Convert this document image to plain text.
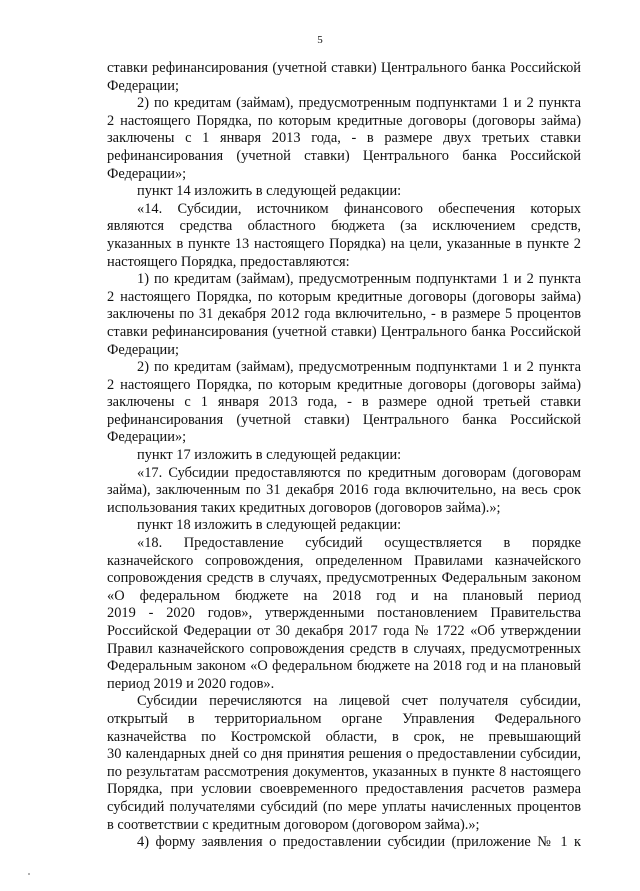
5
ставки рефинансирования (учетной ставки) Центрального банка Российской
Федерации;
2) по кредитам (займам), предусмотренным подпунктами 1 и 2 пункта
2 настоящего Порядка, по которым кредитные договоры (договоры займа)
заключены с 1 января 2013 года, - в размере двух третьих ставки
рефинансирования (учетной ставки) Центрального банка Российской
Федерации»;
пункт 14 изложить в следующей редакции:
«14. Субсидии, источником финансового обеспечения которых
являются средства областного бюджета (за исключением средств,
указанных в пункте 13 настоящего Порядка) на цели, указанные в пункте 2
настоящего Порядка, предоставляются:
1) по кредитам (займам), предусмотренным подпунктами 1 и 2 пункта
2 настоящего Порядка, по которым кредитные договоры (договоры займа)
заключены по 31 декабря 2012 года включительно, - в размере 5 процентов
ставки рефинансирования (учетной ставки) Центрального банка Российской
Федерации;
2) по кредитам (займам), предусмотренным подпунктами 1 и 2 пункта
2 настоящего Порядка, по которым кредитные договоры (договоры займа)
заключены с 1 января 2013 года, - в размере одной третьей ставки
рефинансирования (учетной ставки) Центрального банка Российской
Федерации»;
пункт 17 изложить в следующей редакции:
«17. Субсидии предоставляются по кредитным договорам (договорам
займа), заключенным по 31 декабря 2016 года включительно, на весь срок
использования таких кредитных договоров (договоров займа).»;
пункт 18 изложить в следующей редакции:
«18. Предоставление субсидий осуществляется в порядке
казначейского сопровождения, определенном Правилами казначейского
сопровождения средств в случаях, предусмотренных Федеральным законом
«О федеральном бюджете на 2018 год и на плановый период
2019 - 2020 годов», утвержденными постановлением Правительства
Российской Федерации от 30 декабря 2017 года № 1722 «Об утверждении
Правил казначейского сопровождения средств в случаях, предусмотренных
Федеральным законом «О федеральном бюджете на 2018 год и на плановый
период 2019 и 2020 годов».
Субсидии перечисляются на лицевой счет получателя субсидии,
открытый в территориальном органе Управления Федерального
казначейства по Костромской области, в срок, не превышающий
30 календарных дней со дня принятия решения о предоставлении субсидии,
по результатам рассмотрения документов, указанных в пункте 8 настоящего
Порядка, при условии своевременного предоставления расчетов размера
субсидий получателями субсидий (по мере уплаты начисленных процентов
в соответствии с кредитным договором (договором займа).»;
4) форму заявления о предоставлении субсидии (приложение № 1 к
